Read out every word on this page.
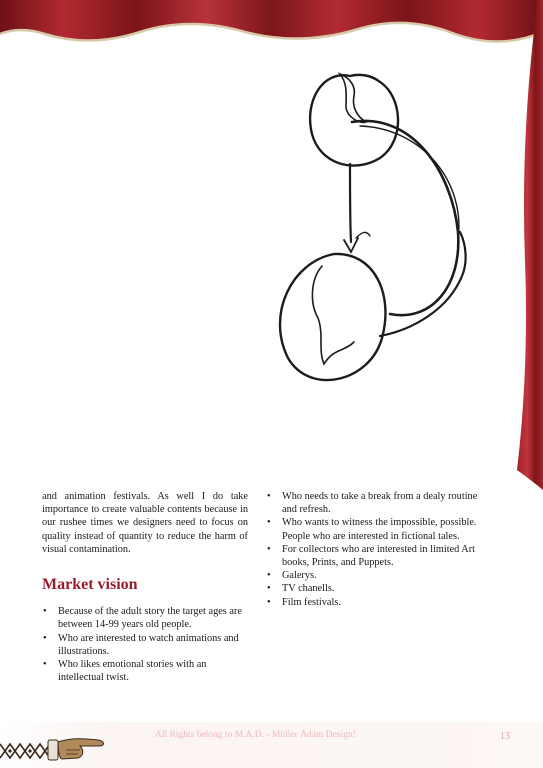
and animation festivals. As well I do take importance to create valuable contents because in our rushee times we designers need to focus on quality instead of quantity to reduce the harm of visual contamination.

Market vision
• Because of the adult story the target ages are between 14-99 years old people.
• Who are interested to watch animations and illustrations.
• Who likes emotional stories with an intellectual twist.
• Who needs to take a break from a dealy routine and refresh.
• Who wants to witness the impossible, possible. People who are interested in fictional tales.
• For collectors who are interested in limited Art books, Prints, and Puppets.
• Galerys.
• TV chanells.
• Film festivals.
All Rights belong to M.A.D. - Müller Ádám Design!	13
